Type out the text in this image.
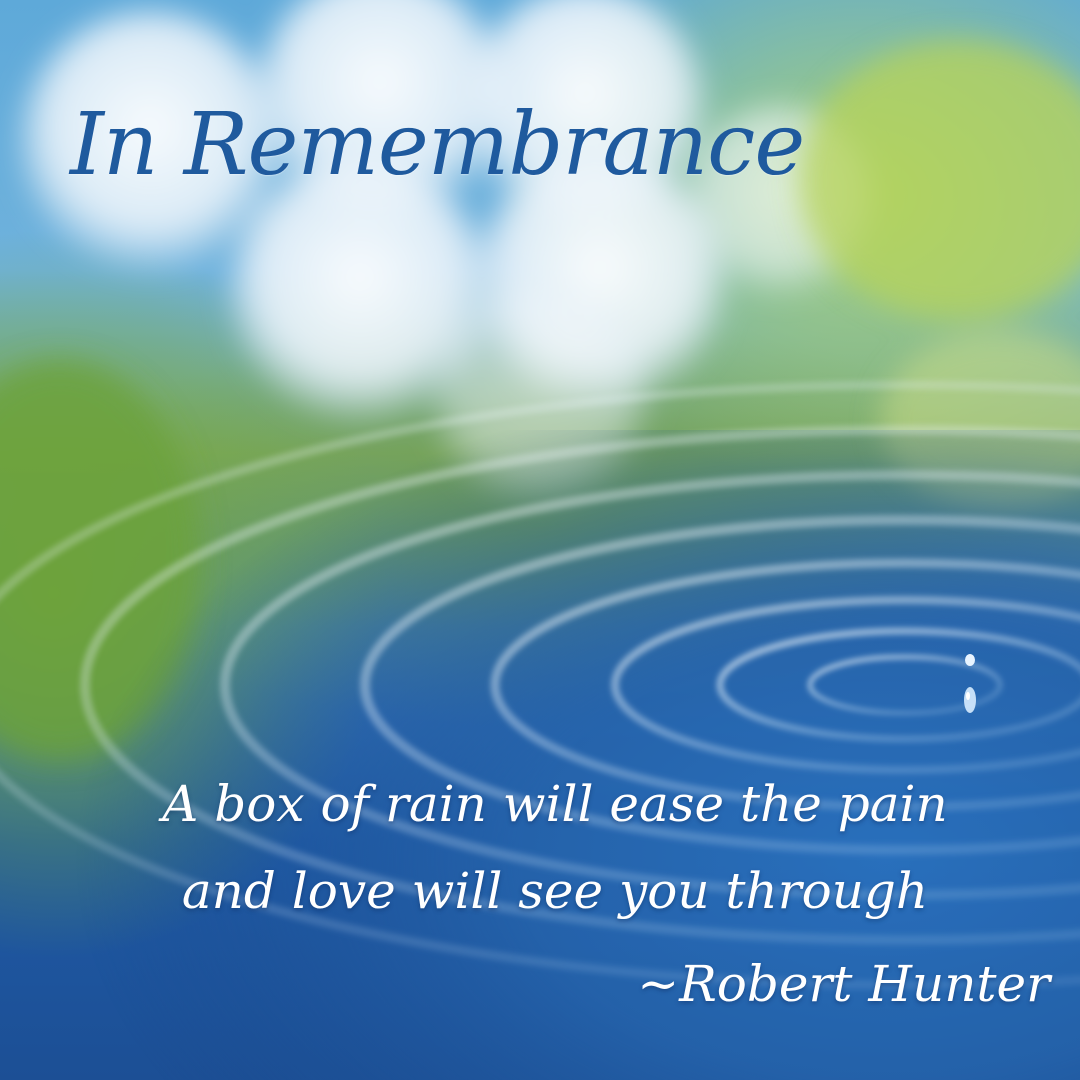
In Remembrance

A box of rain will ease the pain

and love will see you through

~Robert Hunter
